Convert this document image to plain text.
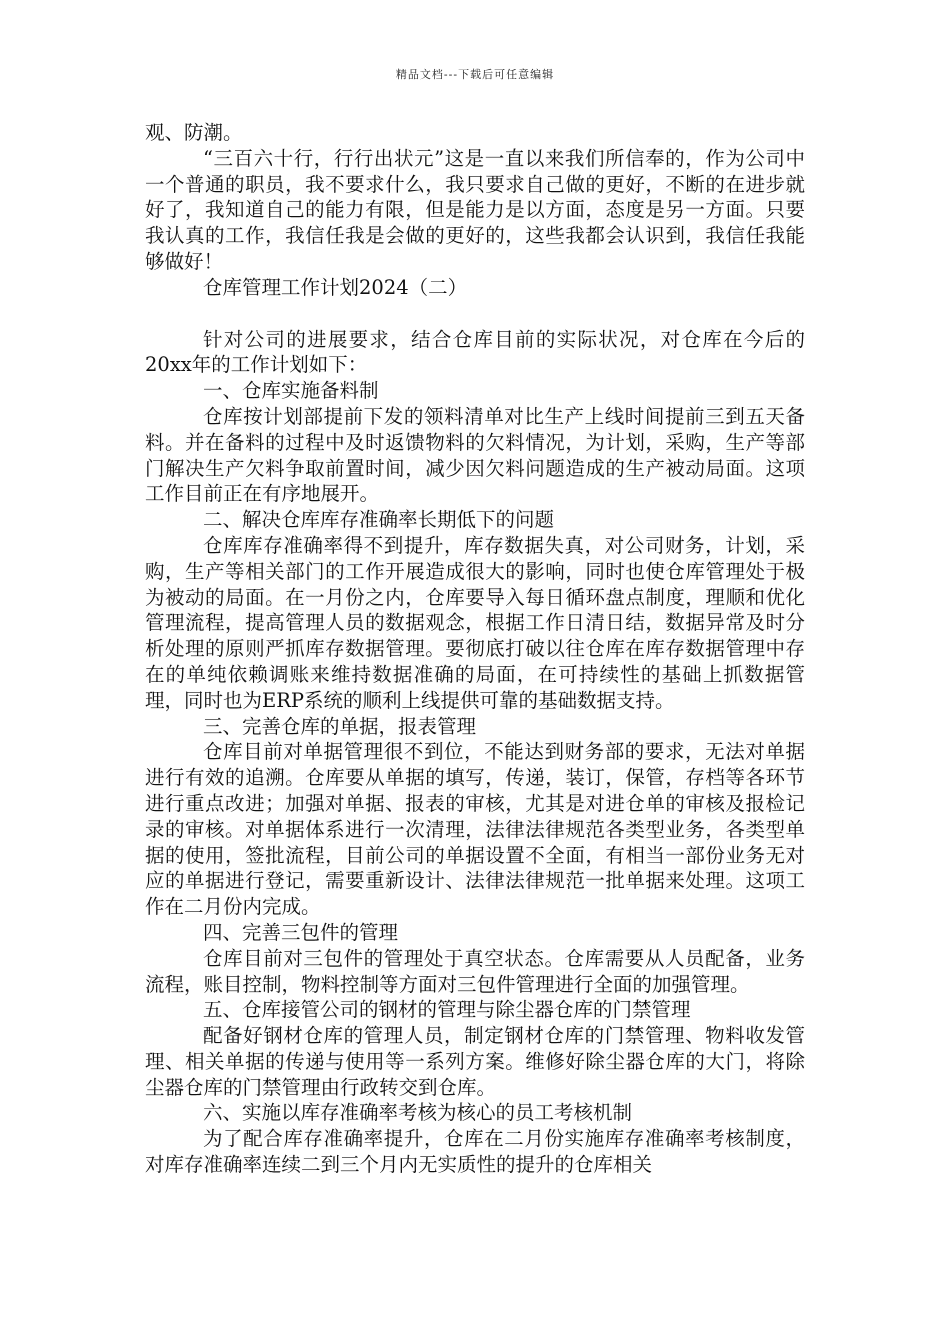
精品文档---下载后可任意编辑

观、防潮。

“三百六十行，行行出状元”这是一直以来我们所信奉的，作为公司中一个普通的职员，我不要求什么，我只要求自己做的更好，不断的在进步就好了，我知道自己的能力有限，但是能力是以方面，态度是另一方面。只要我认真的工作，我信任我是会做的更好的，这些我都会认识到，我信任我能够做好！

仓库管理工作计划2024（二）

针对公司的进展要求，结合仓库目前的实际状况，对仓库在今后的20xx年的工作计划如下：

一、仓库实施备料制

仓库按计划部提前下发的领料清单对比生产上线时间提前三到五天备料。并在备料的过程中及时返馈物料的欠料情况，为计划，采购，生产等部门解决生产欠料争取前置时间，减少因欠料问题造成的生产被动局面。这项工作目前正在有序地展开。

二、解决仓库库存准确率长期低下的问题

仓库库存准确率得不到提升，库存数据失真，对公司财务，计划，采购，生产等相关部门的工作开展造成很大的影响，同时也使仓库管理处于极为被动的局面。在一月份之内，仓库要导入每日循环盘点制度，理顺和优化管理流程，提高管理人员的数据观念，根据工作日清日结，数据异常及时分析处理的原则严抓库存数据管理。要彻底打破以往仓库在库存数据管理中存在的单纯依赖调账来维持数据准确的局面，在可持续性的基础上抓数据管理，同时也为ERP系统的顺利上线提供可靠的基础数据支持。

三、完善仓库的单据，报表管理

仓库目前对单据管理很不到位，不能达到财务部的要求，无法对单据进行有效的追溯。仓库要从单据的填写，传递，装订，保管，存档等各环节进行重点改进；加强对单据、报表的审核，尤其是对进仓单的审核及报检记录的审核。对单据体系进行一次清理，法律法律规范各类型业务，各类型单据的使用，签批流程，目前公司的单据设置不全面，有相当一部份业务无对应的单据进行登记，需要重新设计、法律法律规范一批单据来处理。这项工作在二月份内完成。

四、完善三包件的管理

仓库目前对三包件的管理处于真空状态。仓库需要从人员配备，业务流程，账目控制，物料控制等方面对三包件管理进行全面的加强管理。

五、仓库接管公司的钢材的管理与除尘器仓库的门禁管理

配备好钢材仓库的管理人员，制定钢材仓库的门禁管理、物料收发管理、相关单据的传递与使用等一系列方案。维修好除尘器仓库的大门，将除尘器仓库的门禁管理由行政转交到仓库。

六、实施以库存准确率考核为核心的员工考核机制

为了配合库存准确率提升，仓库在二月份实施库存准确率考核制度，对库存准确率连续二到三个月内无实质性的提升的仓库相关
